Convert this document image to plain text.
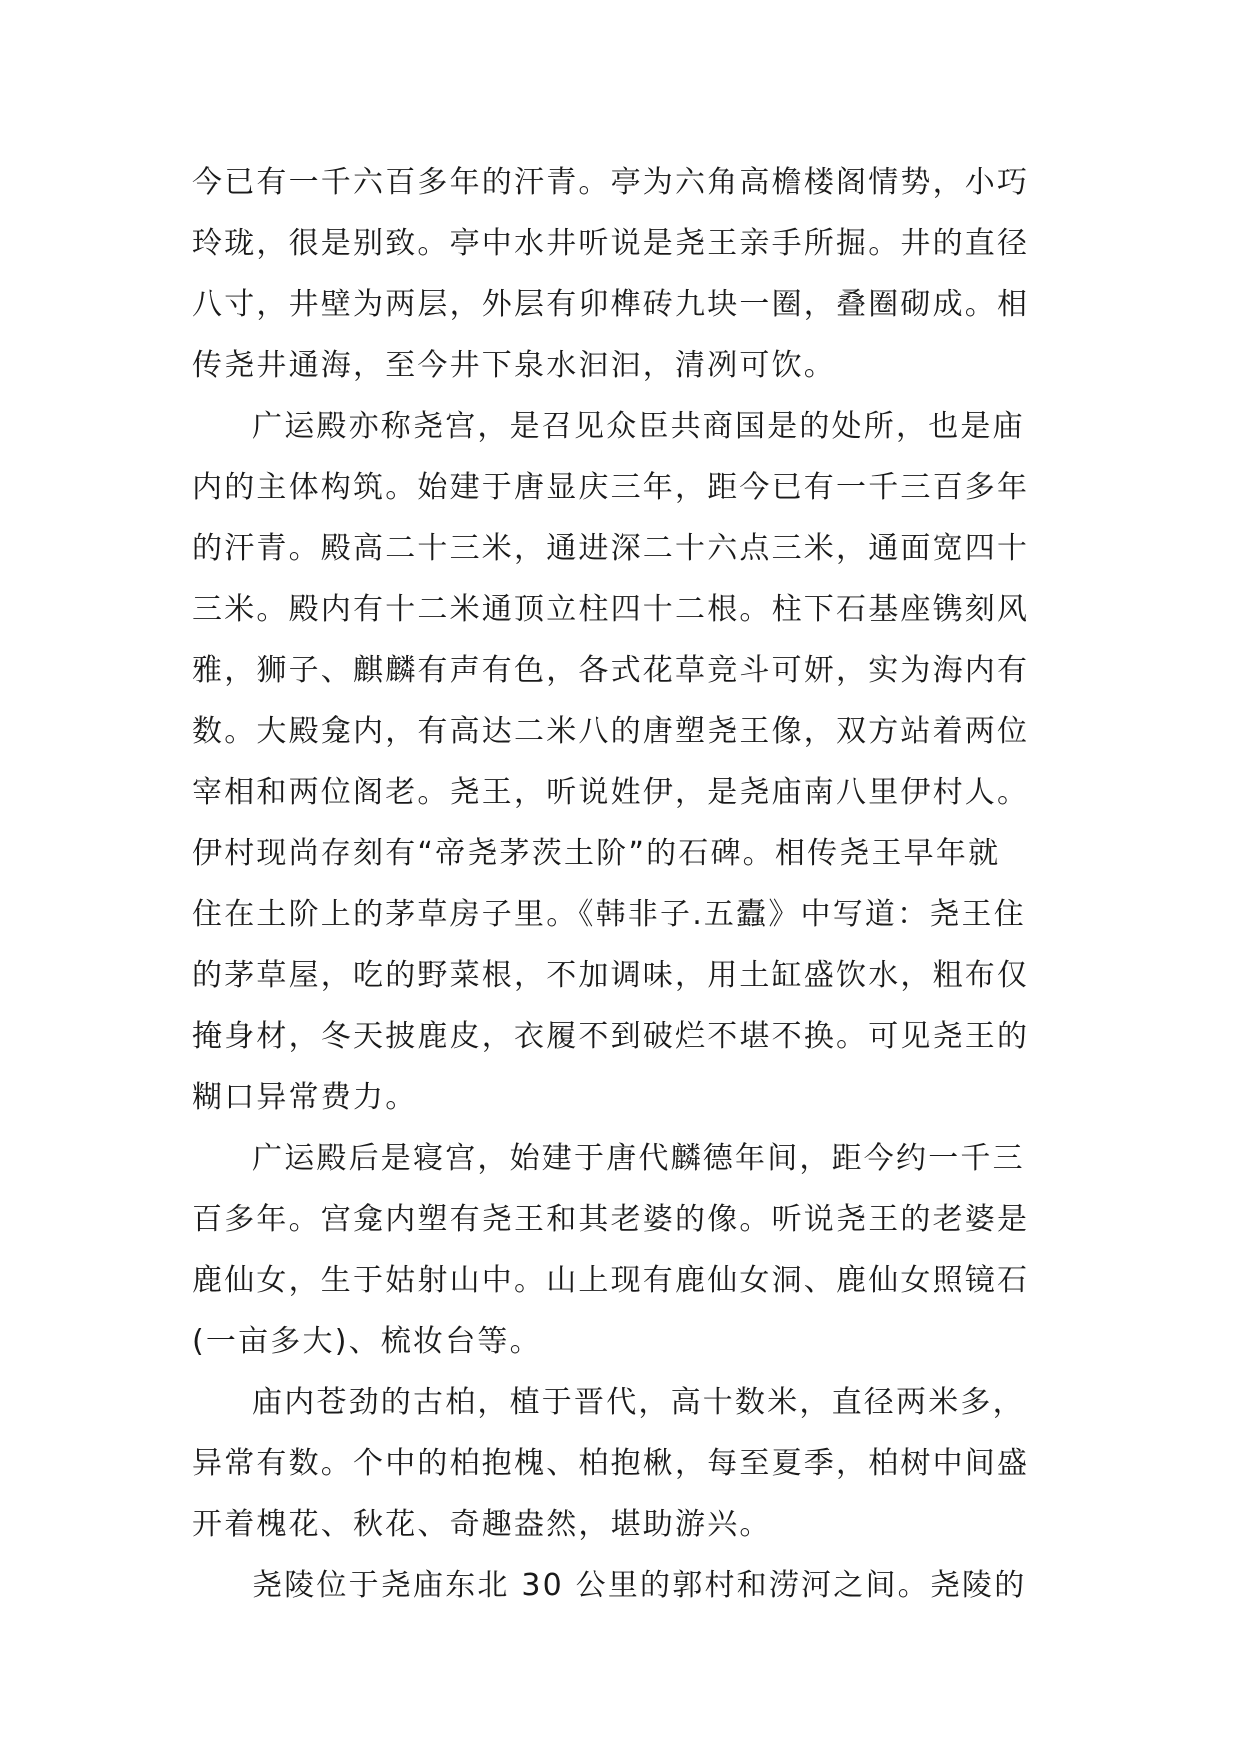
今已有一千六百多年的汗青。亭为六角高檐楼阁情势，小巧
玲珑，很是别致。亭中水井听说是尧王亲手所掘。井的直径
八寸，井壁为两层，外层有卯榫砖九块一圈，叠圈砌成。相
传尧井通海，至今井下泉水汩汩，清冽可饮。
广运殿亦称尧宫，是召见众臣共商国是的处所，也是庙
内的主体构筑。始建于唐显庆三年，距今已有一千三百多年
的汗青。殿高二十三米，通进深二十六点三米，通面宽四十
三米。殿内有十二米通顶立柱四十二根。柱下石基座镌刻风
雅，狮子、麒麟有声有色，各式花草竞斗可妍，实为海内有
数。大殿龛内，有高达二米八的唐塑尧王像，双方站着两位
宰相和两位阁老。尧王，听说姓伊，是尧庙南八里伊村人。
伊村现尚存刻有“帝尧茅茨土阶”的石碑。相传尧王早年就
住在土阶上的茅草房子里。《韩非子.五蠹》中写道：尧王住
的茅草屋，吃的野菜根，不加调味，用土缸盛饮水，粗布仅
掩身材，冬天披鹿皮，衣履不到破烂不堪不换。可见尧王的
糊口异常费力。
广运殿后是寝宫，始建于唐代麟德年间，距今约一千三
百多年。宫龛内塑有尧王和其老婆的像。听说尧王的老婆是
鹿仙女，生于姑射山中。山上现有鹿仙女洞、鹿仙女照镜石
(一亩多大)、梳妆台等。
庙内苍劲的古柏，植于晋代，高十数米，直径两米多，
异常有数。个中的柏抱槐、柏抱楸，每至夏季，柏树中间盛
开着槐花、秋花、奇趣盎然，堪助游兴。
尧陵位于尧庙东北 30 公里的郭村和涝河之间。尧陵的
